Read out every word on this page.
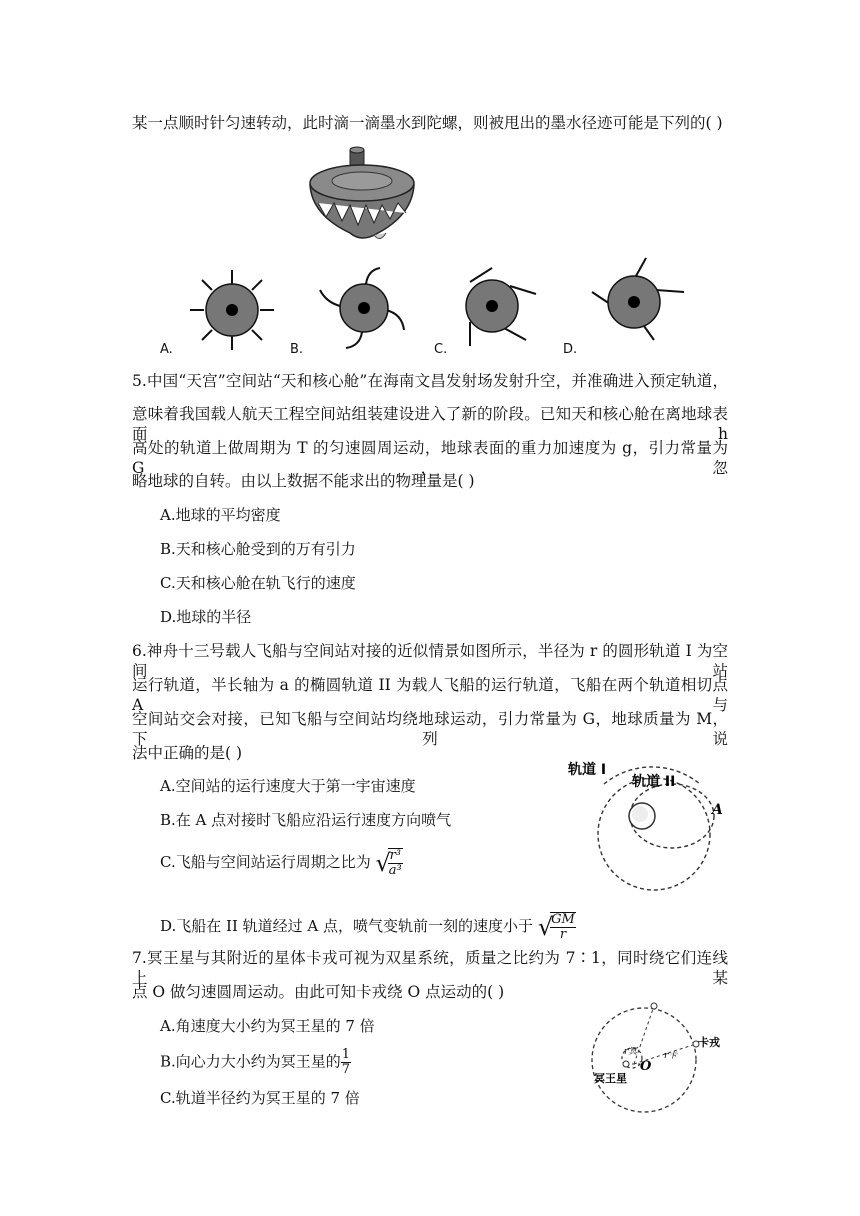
某一点顺时针匀速转动，此时滴一滴墨水到陀螺，则被甩出的墨水径迹可能是下列的( )
A.	B.	C.	D.
5.中国“天宫”空间站“天和核心舱”在海南文昌发射场发射升空，并准确进入预定轨道，
意味着我国载人航天工程空间站组装建设进入了新的阶段。已知天和核心舱在离地球表面 h
高处的轨道上做周期为 T 的匀速圆周运动，地球表面的重力加速度为 g，引力常量为 G，忽
略地球的自转。由以上数据不能求出的物理量是( )
A.地球的平均密度
B.天和核心舱受到的万有引力
C.天和核心舱在轨飞行的速度
D.地球的半径
6.神舟十三号载人飞船与空间站对接的近似情景如图所示，半径为 r 的圆形轨道 I 为空间站
运行轨道，半长轴为 a 的椭圆轨道 II 为载人飞船的运行轨道，飞船在两个轨道相切点 A 与
空间站交会对接，已知飞船与空间站均绕地球运动，引力常量为 G，地球质量为 M，下列说
法中正确的是( )
A.空间站的运行速度大于第一宇宙速度
B.在 A 点对接时飞船应沿运行速度方向喷气
C.飞船与空间站运行周期之比为 √
$\frac{\text{r³}}{\text{a³}}$
D.飞船在 II 轨道经过 A 点，喷气变轨前一刻的速度小于 √
$\frac{GM}{r}$
轨道 I
轨道 II
A
7.冥王星与其附近的星体卡戎可视为双星系统，质量之比约为 7∶1，同时绕它们连线上某
点 O 做匀速圆周运动。由此可知卡戎绕 O 点运动的( )
A.角速度大小约为冥王星的 7 倍
B.向心力大小约为冥王星的 $\frac{1}{7}$
C.轨道半径约为冥王星的 7 倍
卡戎
冥王星
O
r冥	r卡
